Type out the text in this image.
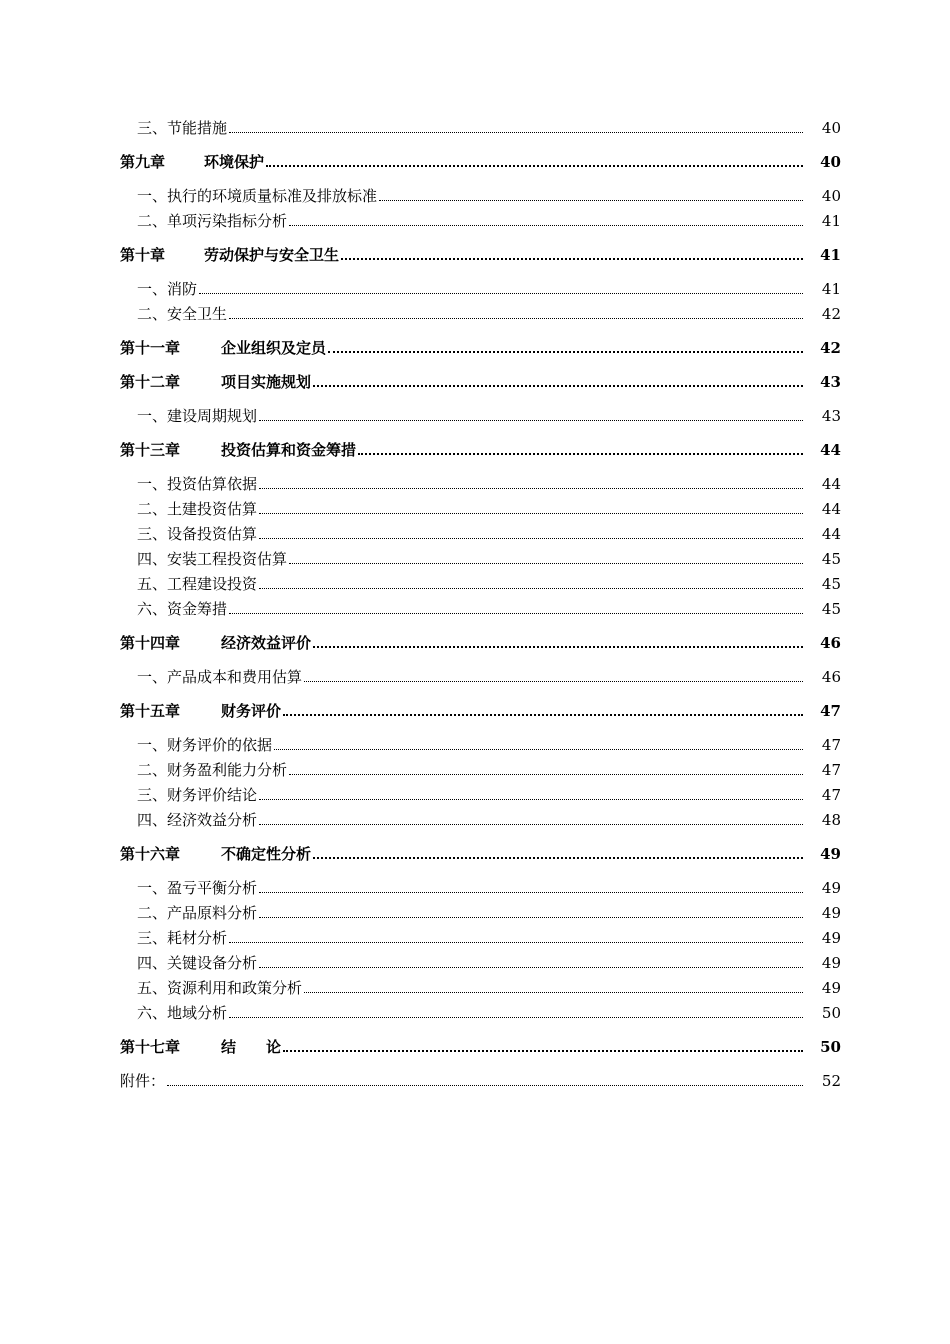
三、节能措施	40
第九章	环境保护	40
一、执行的环境质量标准及排放标准	40
二、单项污染指标分析	41
第十章	劳动保护与安全卫生	41
一、消防	41
二、安全卫生	42
第十一章	企业组织及定员	42
第十二章	项目实施规划	43
一、建设周期规划	43
第十三章	投资估算和资金筹措	44
一、投资估算依据	44
二、土建投资估算	44
三、设备投资估算	44
四、安装工程投资估算	45
五、工程建设投资	45
六、资金筹措	45
第十四章	经济效益评价	46
一、产品成本和费用估算	46
第十五章	财务评价	47
一、财务评价的依据	47
二、财务盈利能力分析	47
三、财务评价结论	47
四、经济效益分析	48
第十六章	不确定性分析	49
一、盈亏平衡分析	49
二、产品原料分析	49
三、耗材分析	49
四、关键设备分析	49
五、资源利用和政策分析	49
六、地域分析	50
第十七章	结　　论	50
附件：	52
